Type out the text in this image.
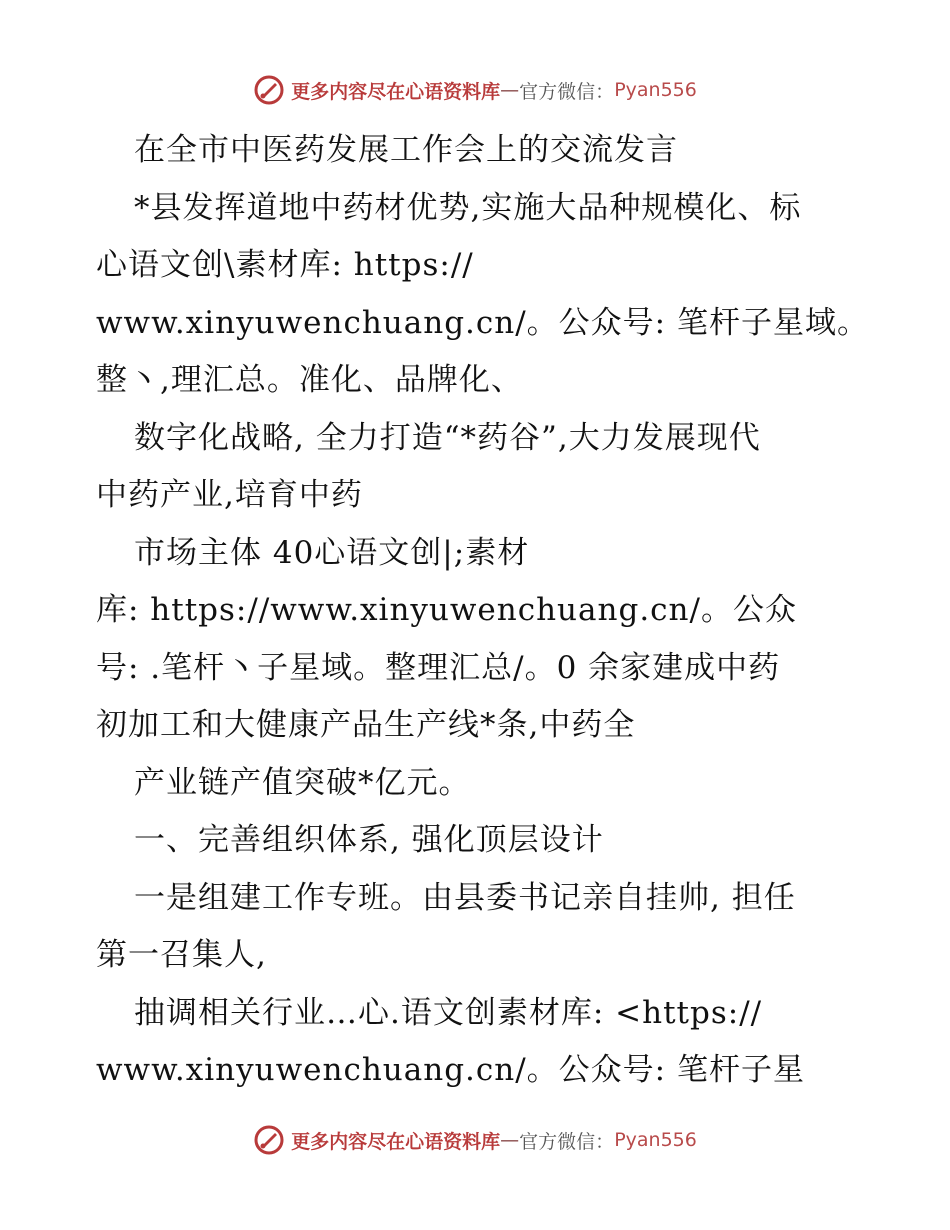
更多内容尽在心语资料库 — 官方微信： Pyan556
在全市中医药发展工作会上的交流发言
*县发挥道地中药材优势,实施大品种规模化、标
心语文创\素材库: https://
www.xinyuwenchuang.cn/。公众号: 笔杆子星域。
整丶,理汇总。准化、品牌化、
数字化战略, 全力打造“*药谷”,大力发展现代
中药产业,培育中药
市场主体 40心语文创|;素材
库: https://www.xinyuwenchuang.cn/。公众
号: .笔杆丶子星域。整理汇总/。0 余家建成中药
初加工和大健康产品生产线*条,中药全
产业链产值突破*亿元。
一、完善组织体系, 强化顶层设计
一是组建工作专班。由县委书记亲自挂帅, 担任
第一召集人,
抽调相关行业…心.语文创素材库: <https://
www.xinyuwenchuang.cn/。公众号: 笔杆子星
更多内容尽在心语资料库 — 官方微信： Pyan556
